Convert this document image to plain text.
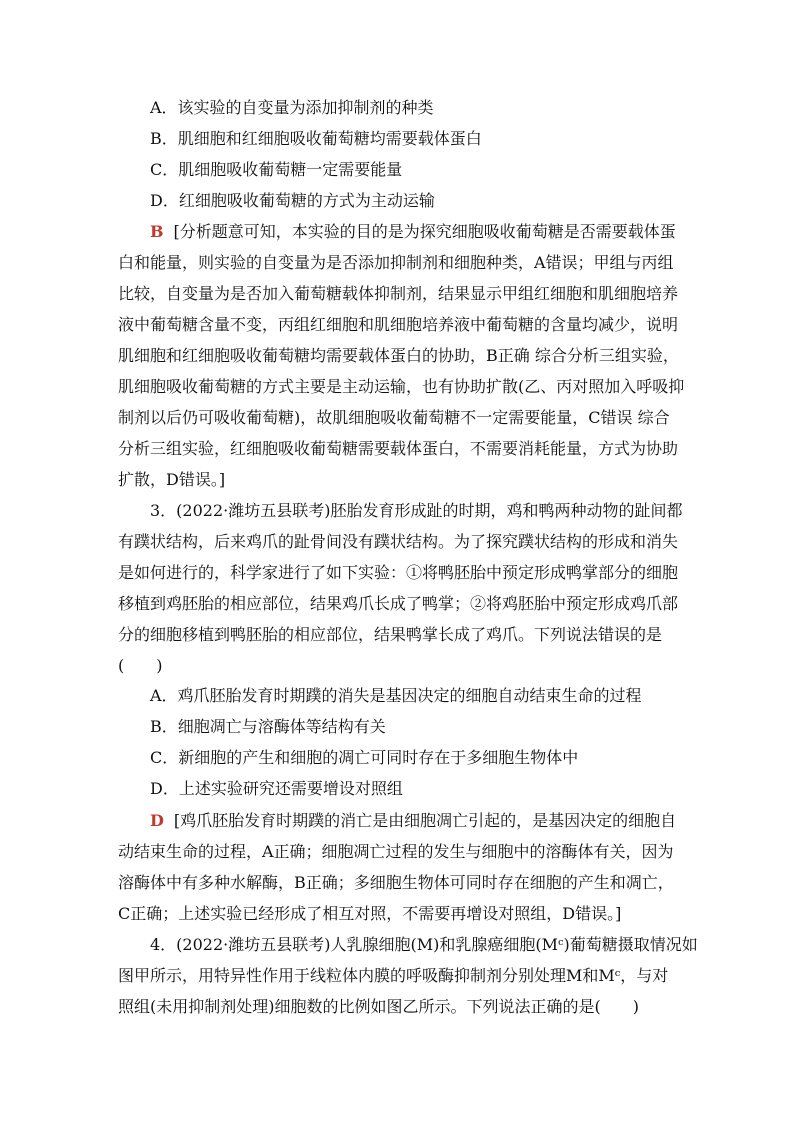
A．该实验的自变量为添加抑制剂的种类
B．肌细胞和红细胞吸收葡萄糖均需要载体蛋白
C．肌细胞吸收葡萄糖一定需要能量
D．红细胞吸收葡萄糖的方式为主动运输
B [分析题意可知，本实验的目的是为探究细胞吸收葡萄糖是否需要载体蛋
白和能量，则实验的自变量为是否添加抑制剂和细胞种类，A错误；甲组与丙组
比较，自变量为是否加入葡萄糖载体抑制剂，结果显示甲组红细胞和肌细胞培养
液中葡萄糖含量不变，丙组红细胞和肌细胞培养液中葡萄糖的含量均减少，说明
肌细胞和红细胞吸收葡萄糖均需要载体蛋白的协助，B正确 综合分析三组实验，
肌细胞吸收葡萄糖的方式主要是主动运输，也有协助扩散(乙、丙对照加入呼吸抑
制剂以后仍可吸收葡萄糖)，故肌细胞吸收葡萄糖不一定需要能量，C错误 综合
分析三组实验，红细胞吸收葡萄糖需要载体蛋白，不需要消耗能量，方式为协助
扩散，D错误。]
3．(2022·潍坊五县联考)胚胎发育形成趾的时期，鸡和鸭两种动物的趾间都
有蹼状结构，后来鸡爪的趾骨间没有蹼状结构。为了探究蹼状结构的形成和消失
是如何进行的，科学家进行了如下实验：①将鸭胚胎中预定形成鸭掌部分的细胞
移植到鸡胚胎的相应部位，结果鸡爪长成了鸭掌；②将鸡胚胎中预定形成鸡爪部
分的细胞移植到鸭胚胎的相应部位，结果鸭掌长成了鸡爪。下列说法错误的是
(　　)
A．鸡爪胚胎发育时期蹼的消失是基因决定的细胞自动结束生命的过程
B．细胞凋亡与溶酶体等结构有关
C．新细胞的产生和细胞的凋亡可同时存在于多细胞生物体中
D．上述实验研究还需要增设对照组
D [鸡爪胚胎发育时期蹼的消亡是由细胞凋亡引起的，是基因决定的细胞自
动结束生命的过程，A正确；细胞凋亡过程的发生与细胞中的溶酶体有关，因为
溶酶体中有多种水解酶，B正确；多细胞生物体可同时存在细胞的产生和凋亡，
C正确；上述实验已经形成了相互对照，不需要再增设对照组，D错误。]
4．(2022·潍坊五县联考)人乳腺细胞(M)和乳腺癌细胞(Mᶜ)葡萄糖摄取情况如
图甲所示，用特异性作用于线粒体内膜的呼吸酶抑制剂分别处理M和Mᶜ，与对
照组(未用抑制剂处理)细胞数的比例如图乙所示。下列说法正确的是(　　)
